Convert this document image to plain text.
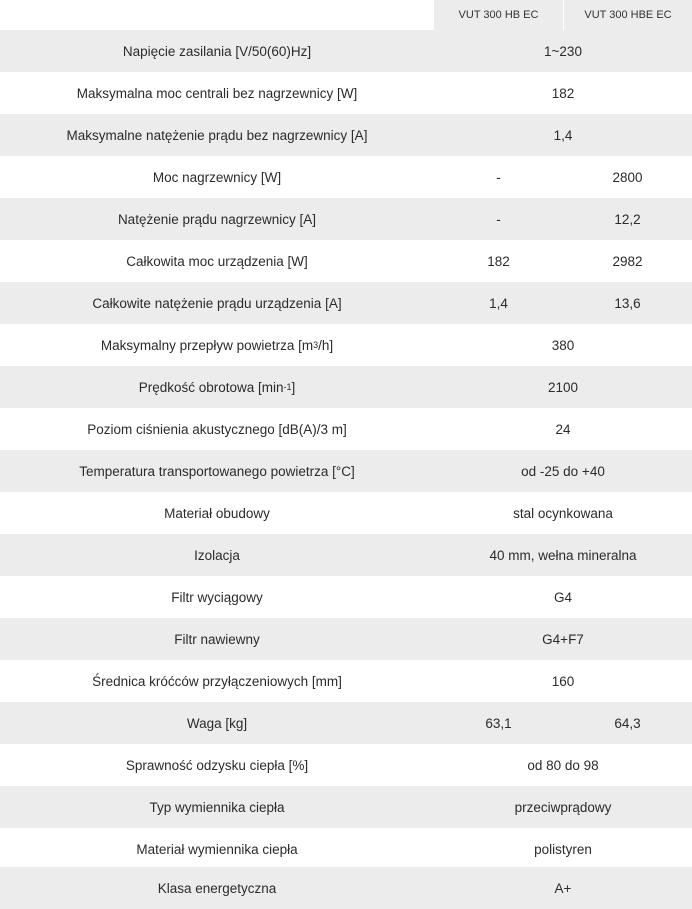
VUT 300 HB EC	VUT 300 HBE EC
Napięcie zasilania [V/50(60)Hz]	1~230
Maksymalna moc centrali bez nagrzewnicy [W]	182
Maksymalne natężenie prądu bez nagrzewnicy [A]	1,4
Moc nagrzewnicy [W]	-	2800
Natężenie prądu nagrzewnicy [A]	-	12,2
Całkowita moc urządzenia [W]	182	2982
Całkowite natężenie prądu urządzenia [A]	1,4	13,6
Maksymalny przepływ powietrza [m 3 /h]	380
Prędkość obrotowa [min -1 ]	2100
Poziom ciśnienia akustycznego [dB(A)/3 m]	24
Temperatura transportowanego powietrza [°C]	od -25 do +40
Materiał obudowy	stal ocynkowana
Izolacja	40 mm, wełna mineralna
Filtr wyciągowy	G4
Filtr nawiewny	G4+F7
Średnica króćców przyłączeniowych [mm]	160
Waga [kg]	63,1	64,3
Sprawność odzysku ciepła [%]	od 80 do 98
Typ wymiennika ciepła	przeciwprądowy
Materiał wymiennika ciepła	polistyren
Klasa energetyczna	A+
